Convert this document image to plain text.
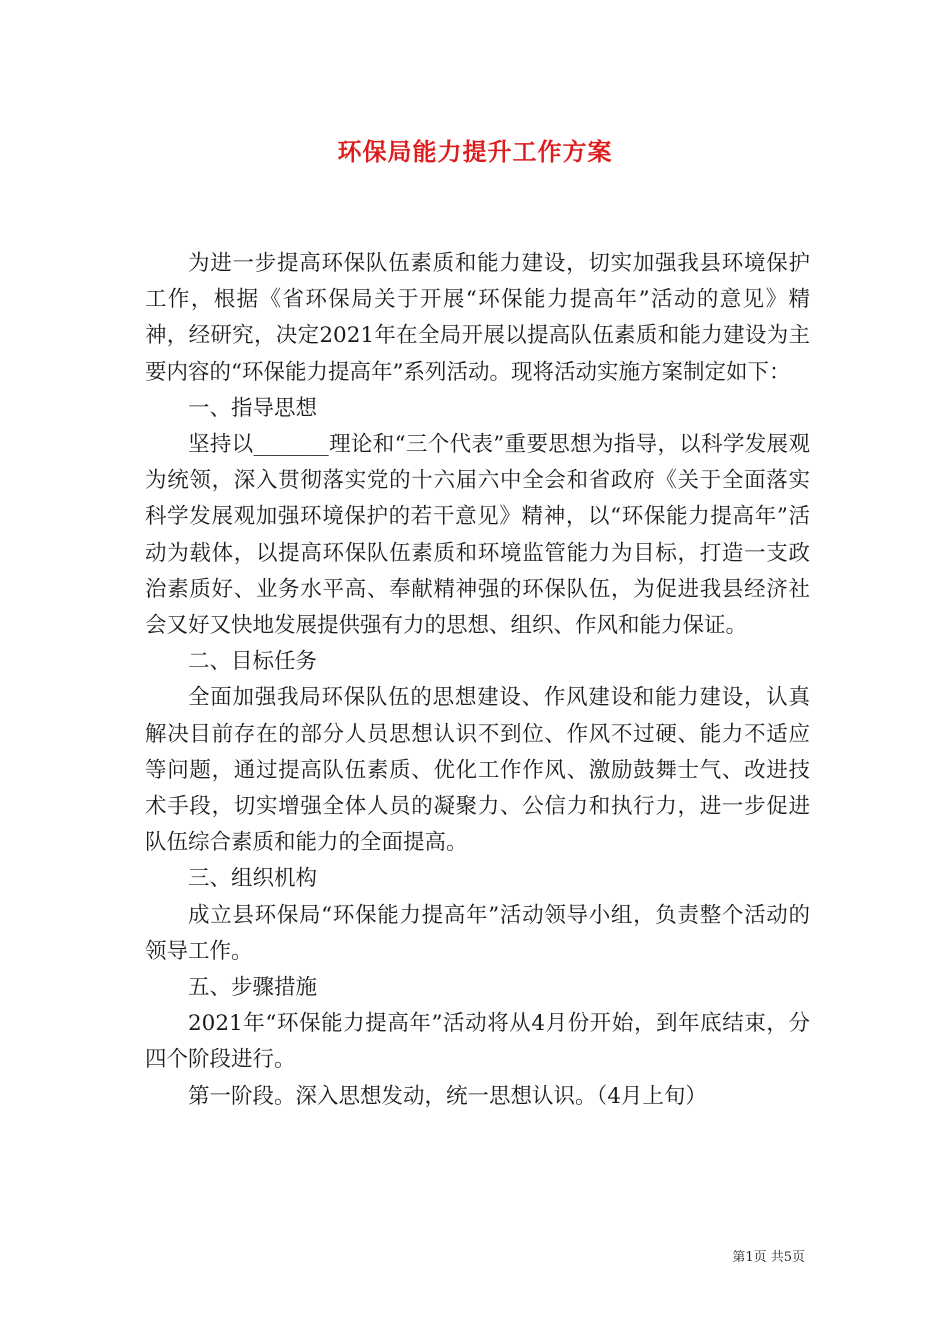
环保局能力提升工作方案

为进一步提高环保队伍素质和能力建设，切实加强我县环境保护工作，根据《省环保局关于开展“环保能力提高年”活动的意见》精神，经研究，决定2021年在全局开展以提高队伍素质和能力建设为主要内容的“环保能力提高年”系列活动。现将活动实施方案制定如下：

一、指导思想

坚持以_______理论和“三个代表”重要思想为指导，以科学发展观为统领，深入贯彻落实党的十六届六中全会和省政府《关于全面落实科学发展观加强环境保护的若干意见》精神，以“环保能力提高年”活动为载体，以提高环保队伍素质和环境监管能力为目标，打造一支政治素质好、业务水平高、奉献精神强的环保队伍，为促进我县经济社会又好又快地发展提供强有力的思想、组织、作风和能力保证。

二、目标任务

全面加强我局环保队伍的思想建设、作风建设和能力建设，认真解决目前存在的部分人员思想认识不到位、作风不过硬、能力不适应等问题，通过提高队伍素质、优化工作作风、激励鼓舞士气、改进技术手段，切实增强全体人员的凝聚力、公信力和执行力，进一步促进队伍综合素质和能力的全面提高。

三、组织机构

成立县环保局“环保能力提高年”活动领导小组，负责整个活动的领导工作。

五、步骤措施

2021年“环保能力提高年”活动将从4月份开始，到年底结束，分四个阶段进行。

第一阶段。深入思想发动，统一思想认识。（4月上旬）

第1页 共5页
